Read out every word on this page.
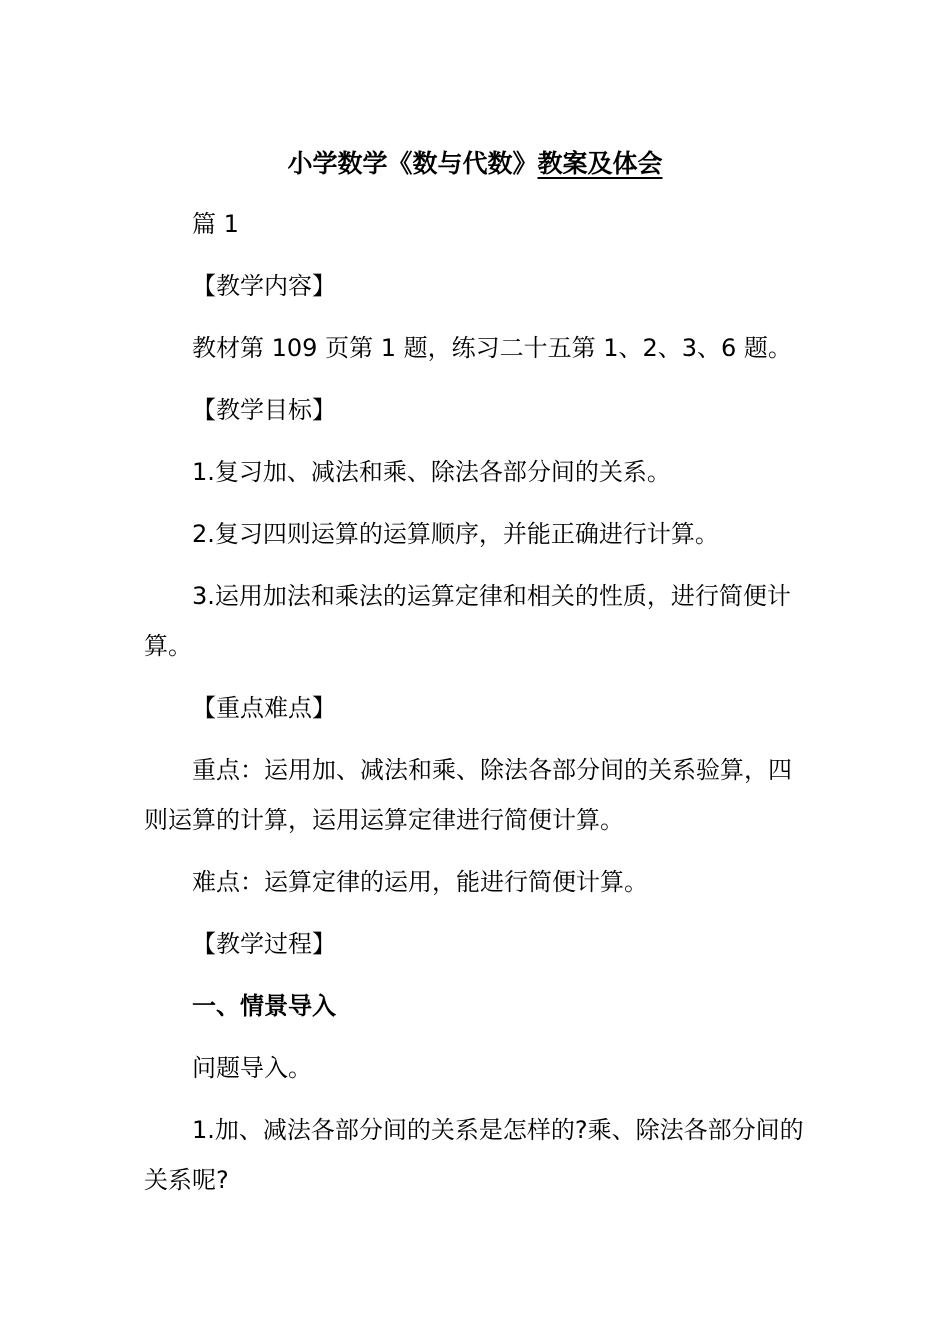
小学数学《数与代数》教案及体会

篇 1

【教学内容】

教材第 109 页第 1 题，练习二十五第 1、2、3、6 题。

【教学目标】

1.复习加、减法和乘、除法各部分间的关系。

2.复习四则运算的运算顺序，并能正确进行计算。

3.运用加法和乘法的运算定律和相关的性质，进行简便计

算。

【重点难点】

重点：运用加、减法和乘、除法各部分间的关系验算，四

则运算的计算，运用运算定律进行简便计算。

难点：运算定律的运用，能进行简便计算。

【教学过程】

一、情景导入

问题导入。

1.加、减法各部分间的关系是怎样的?乘、除法各部分间的

关系呢?
